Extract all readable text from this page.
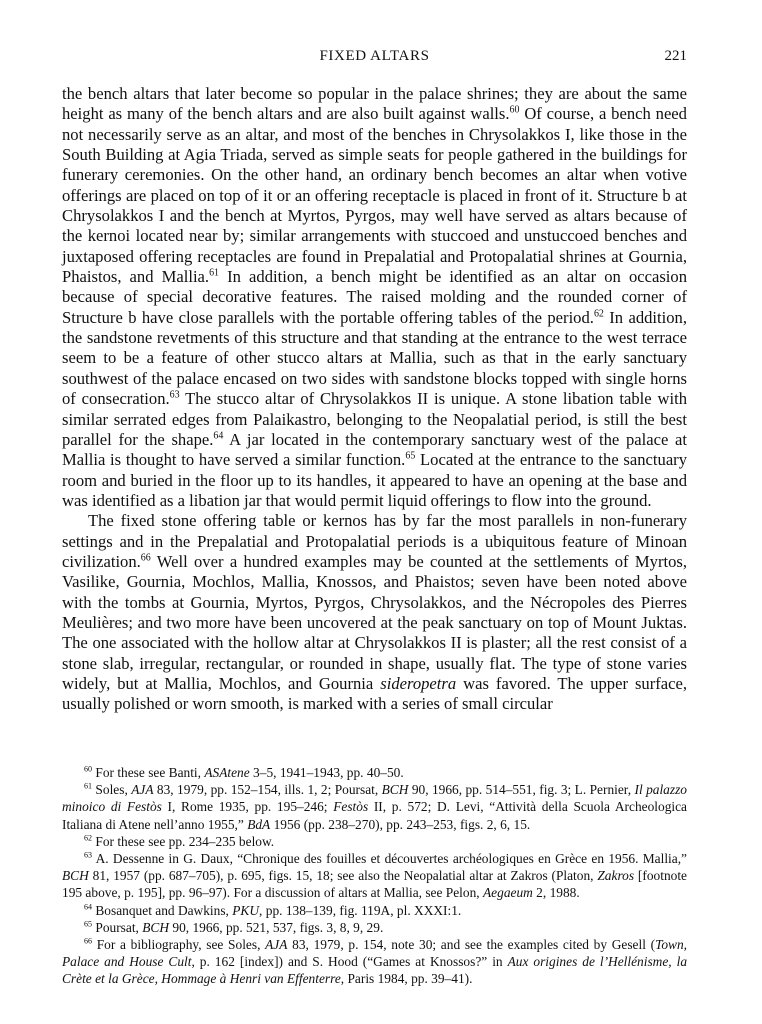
FIXED ALTARS	221

the bench altars that later become so popular in the palace shrines; they are about the same height as many of the bench altars and are also built against walls.$^{60}$ Of course, a bench need not necessarily serve as an altar, and most of the benches in Chrysolakkos I, like those in the South Building at Agia Triada, served as simple seats for people gathered in the buildings for funerary ceremonies. On the other hand, an ordinary bench becomes an altar when votive offerings are placed on top of it or an offering receptacle is placed in front of it. Structure b at Chrysolakkos I and the bench at Myrtos, Pyrgos, may well have served as altars because of the kernoi located near by; similar arrangements with stuccoed and unstuccoed benches and juxtaposed offering receptacles are found in Prepalatial and Protopalatial shrines at Gournia, Phaistos, and Mallia.$^{61}$ In addition, a bench might be identified as an altar on occasion because of special decorative features. The raised molding and the rounded corner of Structure b have close parallels with the portable offering tables of the period.$^{62}$ In addition, the sandstone revetments of this structure and that standing at the entrance to the west terrace seem to be a feature of other stucco altars at Mallia, such as that in the early sanctuary southwest of the palace encased on two sides with sandstone blocks topped with single horns of consecration.$^{63}$ The stucco altar of Chrysolakkos II is unique. A stone libation table with similar serrated edges from Palaikastro, belonging to the Neopalatial period, is still the best parallel for the shape.$^{64}$ A jar located in the contemporary sanctuary west of the palace at Mallia is thought to have served a similar function.$^{65}$ Located at the entrance to the sanctuary room and buried in the floor up to its handles, it appeared to have an opening at the base and was identified as a libation jar that would permit liquid offerings to flow into the ground.

The fixed stone offering table or kernos has by far the most parallels in non-funerary settings and in the Prepalatial and Protopalatial periods is a ubiquitous feature of Minoan civilization.$^{66}$ Well over a hundred examples may be counted at the settlements of Myrtos, Vasilike, Gournia, Mochlos, Mallia, Knossos, and Phaistos; seven have been noted above with the tombs at Gournia, Myrtos, Pyrgos, Chrysolakkos, and the Nécropoles des Pierres Meulières; and two more have been uncovered at the peak sanctuary on top of Mount Juktas. The one associated with the hollow altar at Chrysolakkos II is plaster; all the rest consist of a stone slab, irregular, rectangular, or rounded in shape, usually flat. The type of stone varies widely, but at Mallia, Mochlos, and Gournia sideropetra was favored. The upper surface, usually polished or worn smooth, is marked with a series of small circular

$^{60}$ For these see Banti, ASAtene 3–5, 1941–1943, pp. 40–50.

$^{61}$ Soles, AJA 83, 1979, pp. 152–154, ills. 1, 2; Poursat, BCH 90, 1966, pp. 514–551, fig. 3; L. Pernier, Il palazzo minoico di Festòs I, Rome 1935, pp. 195–246; Festòs II, p. 572; D. Levi, “Attività della Scuola Archeologica Italiana di Atene nell’anno 1955,” BdA 1956 (pp. 238–270), pp. 243–253, figs. 2, 6, 15.

$^{62}$ For these see pp. 234–235 below.

$^{63}$ A. Dessenne in G. Daux, “Chronique des fouilles et découvertes archéologiques en Grèce en 1956. Mallia,” BCH 81, 1957 (pp. 687–705), p. 695, figs. 15, 18; see also the Neopalatial altar at Zakros (Platon, Zakros [footnote 195 above, p. 195], pp. 96–97). For a discussion of altars at Mallia, see Pelon, Aegaeum 2, 1988.

$^{64}$ Bosanquet and Dawkins, PKU, pp. 138–139, fig. 119A, pl. XXXI:1.

$^{65}$ Poursat, BCH 90, 1966, pp. 521, 537, figs. 3, 8, 9, 29.

$^{66}$ For a bibliography, see Soles, AJA 83, 1979, p. 154, note 30; and see the examples cited by Gesell (Town, Palace and House Cult, p. 162 [index]) and S. Hood (“Games at Knossos?” in Aux origines de l’Hellénisme, la Crète et la Grèce, Hommage à Henri van Effenterre, Paris 1984, pp. 39–41).
